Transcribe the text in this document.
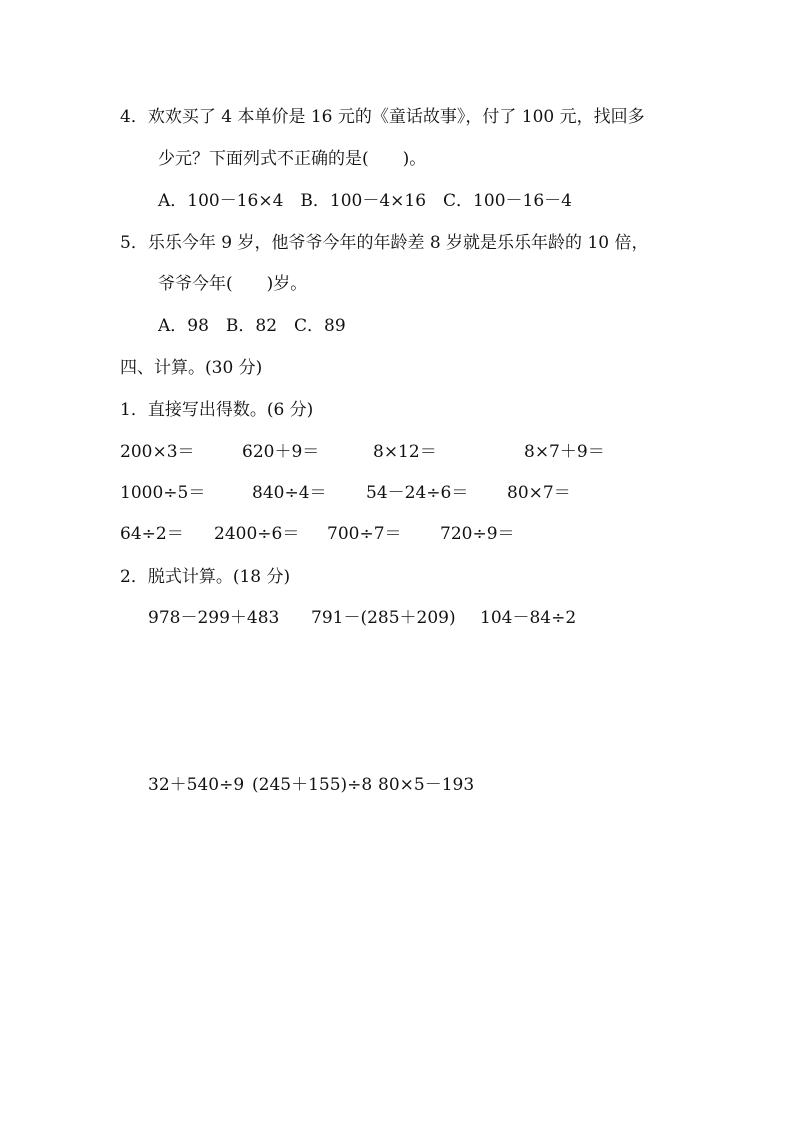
4．欢欢买了 4 本单价是 16 元的《童话故事》，付了 100 元，找回多
少元？下面列式不正确的是(　　)。
A．100－16×4　B．100－4×16　C．100－16－4
5．乐乐今年 9 岁，他爷爷今年的年龄差 8 岁就是乐乐年龄的 10 倍，
爷爷今年(　　)岁。
A．98　B．82　C．89
四、计算。(30 分)
1．直接写出得数。(6 分)
200×3＝	620＋9＝	8×12＝	8×7＋9＝
1000÷5＝	840÷4＝ 54－24÷6＝ 80×7＝
64÷2＝ 2400÷6＝ 700÷7＝ 720÷9＝
2．脱式计算。(18 分)
978－299＋483 791－(285＋209) 104－84÷2
32＋540÷9 (245＋155)÷8 80×5－193
